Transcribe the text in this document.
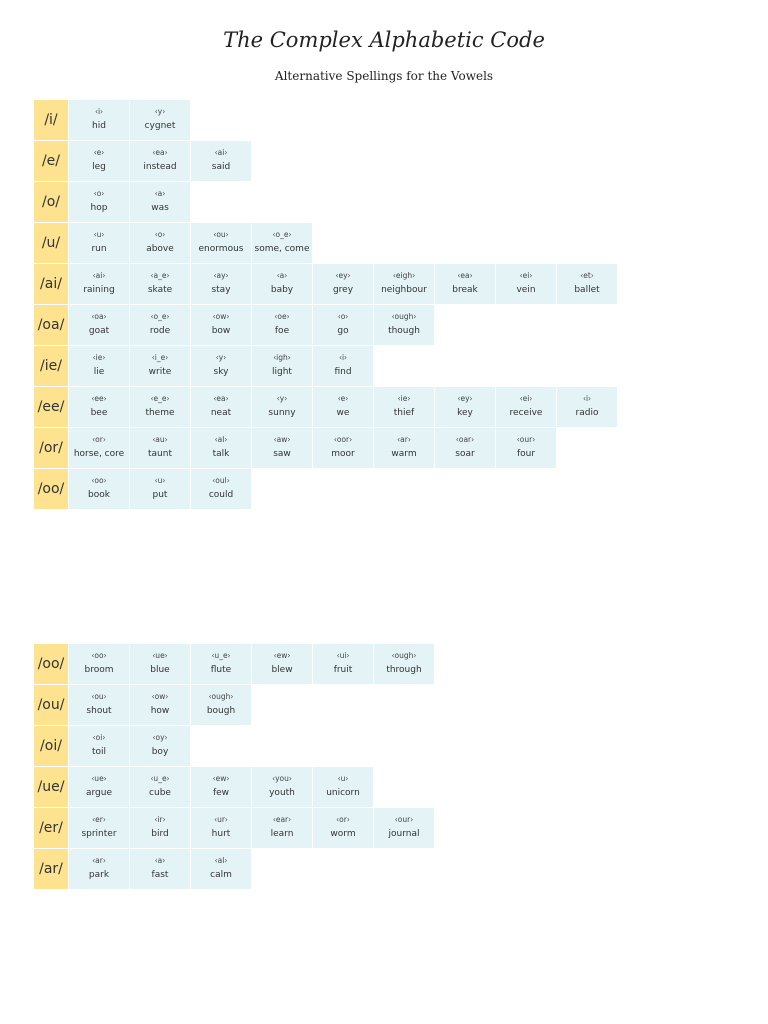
The Complex Alphabetic Code
Alternative Spellings for the Vowels
/i/
‹i›
hid
‹y›
cygnet
/e/
‹e›
leg
‹ea›
instead
‹ai›
said
/o/
‹o›
hop
‹a›
was
/u/
‹u›
run
‹o›
above
‹ou›
enormous
‹o_e›
some, come
/ai/
‹ai›
raining
‹a_e›
skate
‹ay›
stay
‹a›
baby
‹ey›
grey
‹eigh›
neighbour
‹ea›
break
‹ei›
vein
‹et›
ballet
/oa/
‹oa›
goat
‹o_e›
rode
‹ow›
bow
‹oe›
foe
‹o›
go
‹ough›
though
/ie/
‹ie›
lie
‹i_e›
write
‹y›
sky
‹igh›
light
‹i›
find
/ee/
‹ee›
bee
‹e_e›
theme
‹ea›
neat
‹y›
sunny
‹e›
we
‹ie›
thief
‹ey›
key
‹ei›
receive
‹i›
radio
/or/
‹or›
horse, core
‹au›
taunt
‹al›
talk
‹aw›
saw
‹oor›
moor
‹ar›
warm
‹oar›
soar
‹our›
four
/oo/
‹oo›
book
‹u›
put
‹oul›
could
/oo/
‹oo›
broom
‹ue›
blue
‹u_e›
flute
‹ew›
blew
‹ui›
fruit
‹ough›
through
/ou/
‹ou›
shout
‹ow›
how
‹ough›
bough
/oi/
‹oi›
toil
‹oy›
boy
/ue/
‹ue›
argue
‹u_e›
cube
‹ew›
few
‹you›
youth
‹u›
unicorn
/er/
‹er›
sprinter
‹ir›
bird
‹ur›
hurt
‹ear›
learn
‹or›
worm
‹our›
journal
/ar/
‹ar›
park
‹a›
fast
‹al›
calm
